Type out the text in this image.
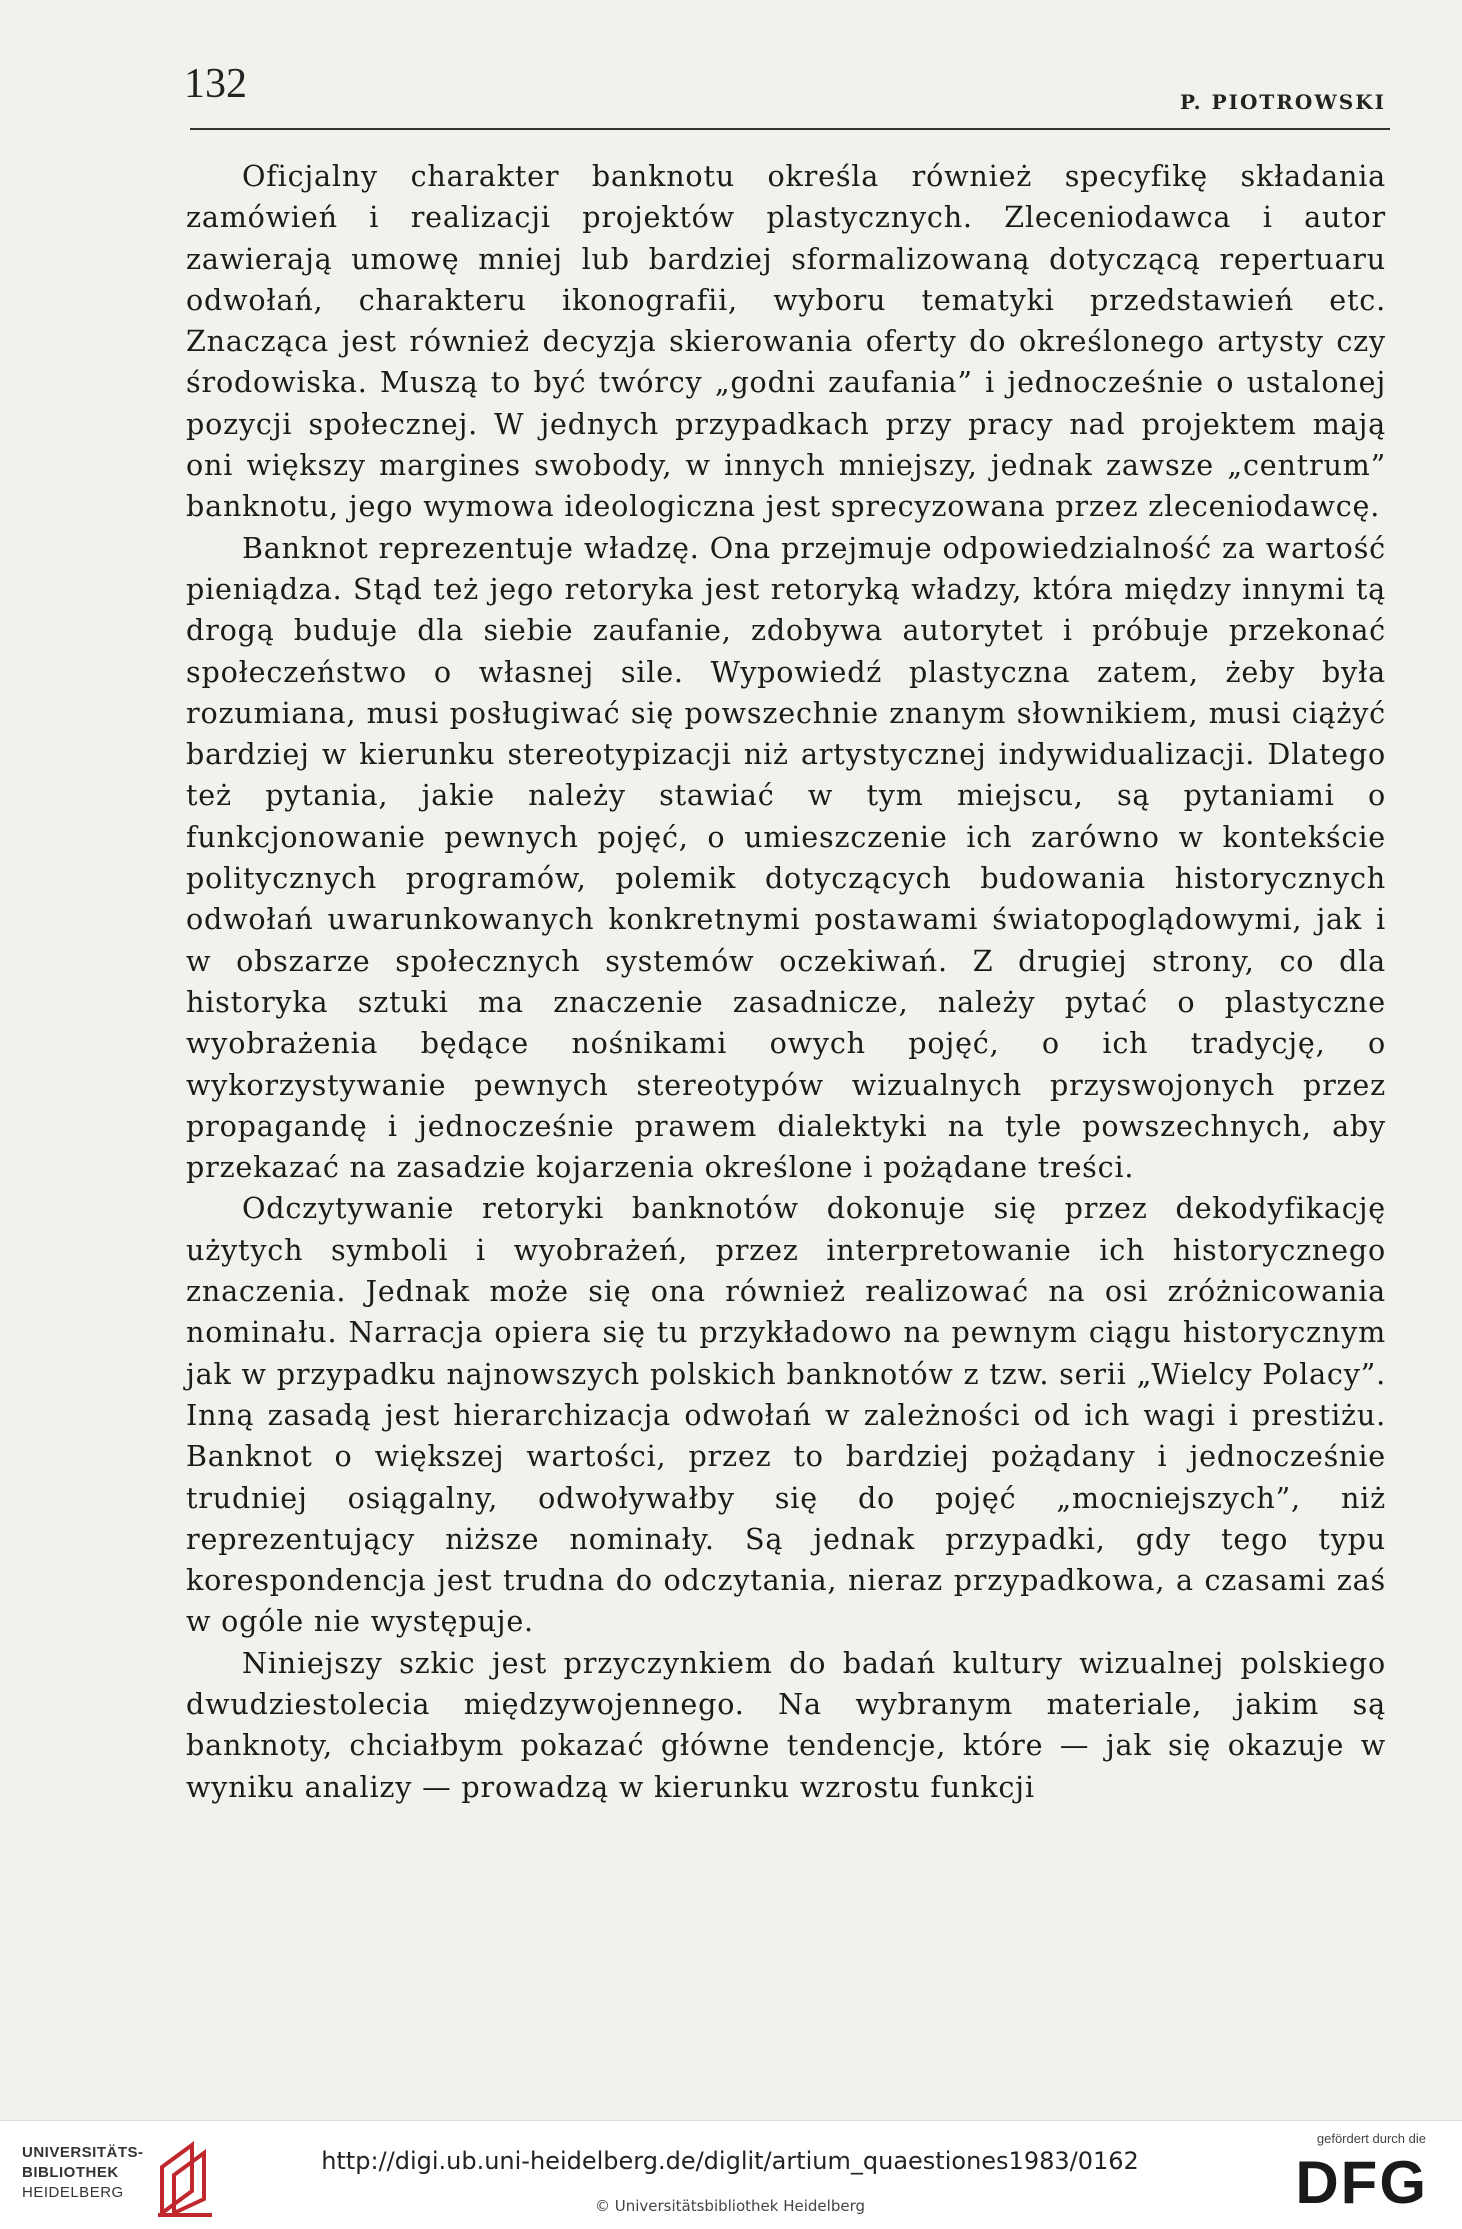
132	P. PIOTROWSKI

Oficjalny charakter banknotu określa również specyfikę składania zamówień i realizacji projektów plastycznych. Zleceniodawca i autor zawierają umowę mniej lub bardziej sformalizowaną dotyczącą repertuaru odwołań, charakteru ikonografii, wyboru tematyki przedstawień etc. Znacząca jest również decyzja skierowania oferty do określonego artysty czy środowiska. Muszą to być twórcy „godni zaufania” i jednocześnie o ustalonej pozycji społecznej. W jednych przypadkach przy pracy nad projektem mają oni większy margines swobody, w innych mniejszy, jednak zawsze „centrum” banknotu, jego wymowa ideologiczna jest sprecyzowana przez zleceniodawcę.

Banknot reprezentuje władzę. Ona przejmuje odpowiedzialność za wartość pieniądza. Stąd też jego retoryka jest retoryką władzy, która między innymi tą drogą buduje dla siebie zaufanie, zdobywa autorytet i próbuje przekonać społeczeństwo o własnej sile. Wypowiedź plastyczna zatem, żeby była rozumiana, musi posługiwać się powszechnie znanym słownikiem, musi ciążyć bardziej w kierunku stereotypizacji niż artystycznej indywidualizacji. Dlatego też pytania, jakie należy stawiać w tym miejscu, są pytaniami o funkcjonowanie pewnych pojęć, o umieszczenie ich zarówno w kontekście politycznych programów, polemik dotyczących budowania historycznych odwołań uwarunkowanych konkretnymi postawami światopoglądowymi, jak i w obszarze społecznych systemów oczekiwań. Z drugiej strony, co dla historyka sztuki ma znaczenie zasadnicze, należy pytać o plastyczne wyobrażenia będące nośnikami owych pojęć, o ich tradycję, o wykorzystywanie pewnych stereotypów wizualnych przyswojonych przez propagandę i jednocześnie prawem dialektyki na tyle powszechnych, aby przekazać na zasadzie kojarzenia określone i pożądane treści.

Odczytywanie retoryki banknotów dokonuje się przez dekodyfikację użytych symboli i wyobrażeń, przez interpretowanie ich historycznego znaczenia. Jednak może się ona również realizować na osi zróżnicowania nominału. Narracja opiera się tu przykładowo na pewnym ciągu historycznym jak w przypadku najnowszych polskich banknotów z tzw. serii „Wielcy Polacy”. Inną zasadą jest hierarchizacja odwołań w zależności od ich wagi i prestiżu. Banknot o większej wartości, przez to bardziej pożądany i jednocześnie trudniej osiągalny, odwoływałby się do pojęć „mocniejszych”, niż reprezentujący niższe nominały. Są jednak przypadki, gdy tego typu korespondencja jest trudna do odczytania, nieraz przypadkowa, a czasami zaś w ogóle nie występuje.

Niniejszy szkic jest przyczynkiem do badań kultury wizualnej polskiego dwudziestolecia międzywojennego. Na wybranym materiale, jakim są banknoty, chciałbym pokazać główne tendencje, które — jak się okazuje w wyniku analizy — prowadzą w kierunku wzrostu funkcji

UNIVERSITÄTS-
BIBLIOTHEK
HEIDELBERG
http://digi.ub.uni-heidelberg.de/diglit/artium_quaestiones1983/0162
© Universitätsbibliothek Heidelberg
gefördert durch die
DFG
